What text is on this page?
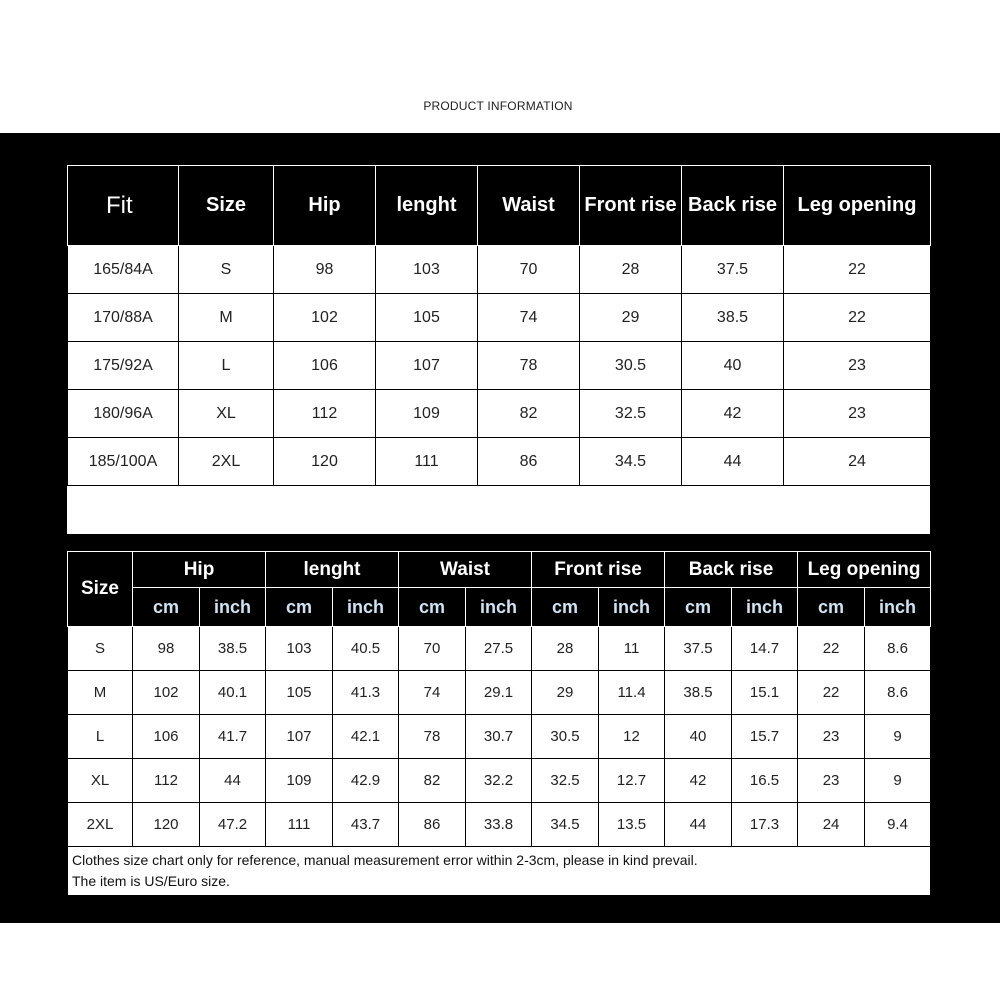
PRODUCT INFORMATION
Fit	Size	Hip	lenght	Waist	Front rise	Back rise	Leg opening
165/84A	S	98	103	70	28	37.5	22
170/88A	M	102	105	74	29	38.5	22
175/92A	L	106	107	78	30.5	40	23
180/96A	XL	112	109	82	32.5	42	23
185/100A	2XL	120	111	86	34.5	44	24
Size	Hip		lenght		Waist		Front rise		Back rise		Leg opening	
	cm	inch	cm	inch	cm	inch	cm	inch	cm	inch	cm	inch
S	98	38.5	103	40.5	70	27.5	28	11	37.5	14.7	22	8.6
M	102	40.1	105	41.3	74	29.1	29	11.4	38.5	15.1	22	8.6
L	106	41.7	107	42.1	78	30.7	30.5	12	40	15.7	23	9
XL	112	44	109	42.9	82	32.2	32.5	12.7	42	16.5	23	9
2XL	120	47.2	111	43.7	86	33.8	34.5	13.5	44	17.3	24	9.4

Clothes size chart only for reference, manual measurement error within 2-3cm, please in kind prevail.
The item is US/Euro size.												
